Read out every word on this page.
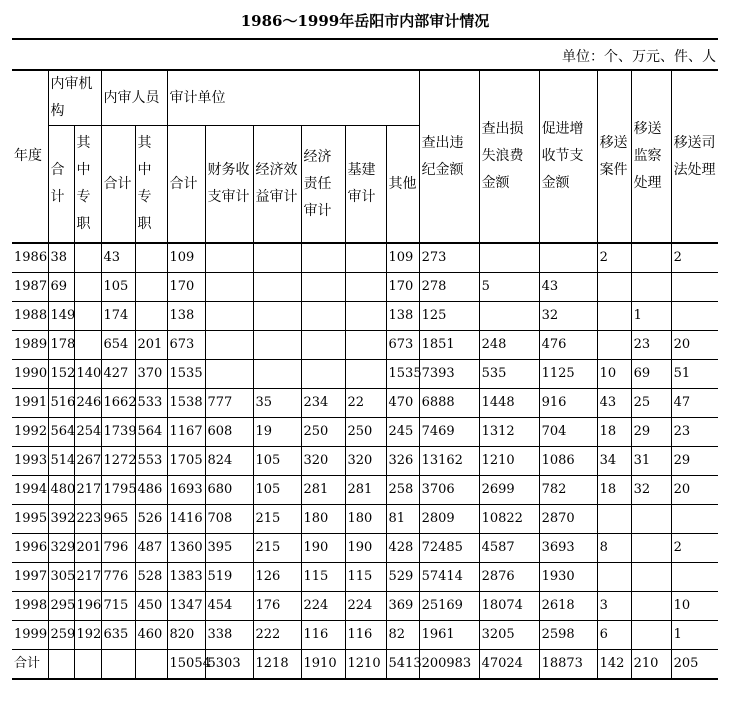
1986～1999年岳阳市内部审计情况
单位：个、万元、件、人
年度	内审机构		内审人员		审计单位						查出违纪金额	查出损失浪费金额	促进增收节支金额	移送案件	移送监察处理	移送司法处理
	合计	其中专职	合计	其中专职	合计	财务收支审计	经济效益审计	经济责任审计	基建审计	其他						
1986	38		43		109					109	273			2		2
1987	69		105		170					170	278	5	43			
1988	149		174		138					138	125		32		1	
1989	178		654	201	673					673	1851	248	476		23	20
1990	152	140	427	370	1535					1535	7393	535	1125	10	69	51
1991	516	246	1662	533	1538	777	35	234	22	470	6888	1448	916	43	25	47
1992	564	254	1739	564	1167	608	19	250	250	245	7469	1312	704	18	29	23
1993	514	267	1272	553	1705	824	105	320	320	326	13162	1210	1086	34	31	29
1994	480	217	1795	486	1693	680	105	281	281	258	3706	2699	782	18	32	20
1995	392	223	965	526	1416	708	215	180	180	81	2809	10822	2870			
1996	329	201	796	487	1360	395	215	190	190	428	72485	4587	3693	8		2
1997	305	217	776	528	1383	519	126	115	115	529	57414	2876	1930			
1998	295	196	715	450	1347	454	176	224	224	369	25169	18074	2618	3		10
1999	259	192	635	460	820	338	222	116	116	82	1961	3205	2598	6		1
合计					15054	5303	1218	1910	1210	5413	200983	47024	18873	142	210	205
